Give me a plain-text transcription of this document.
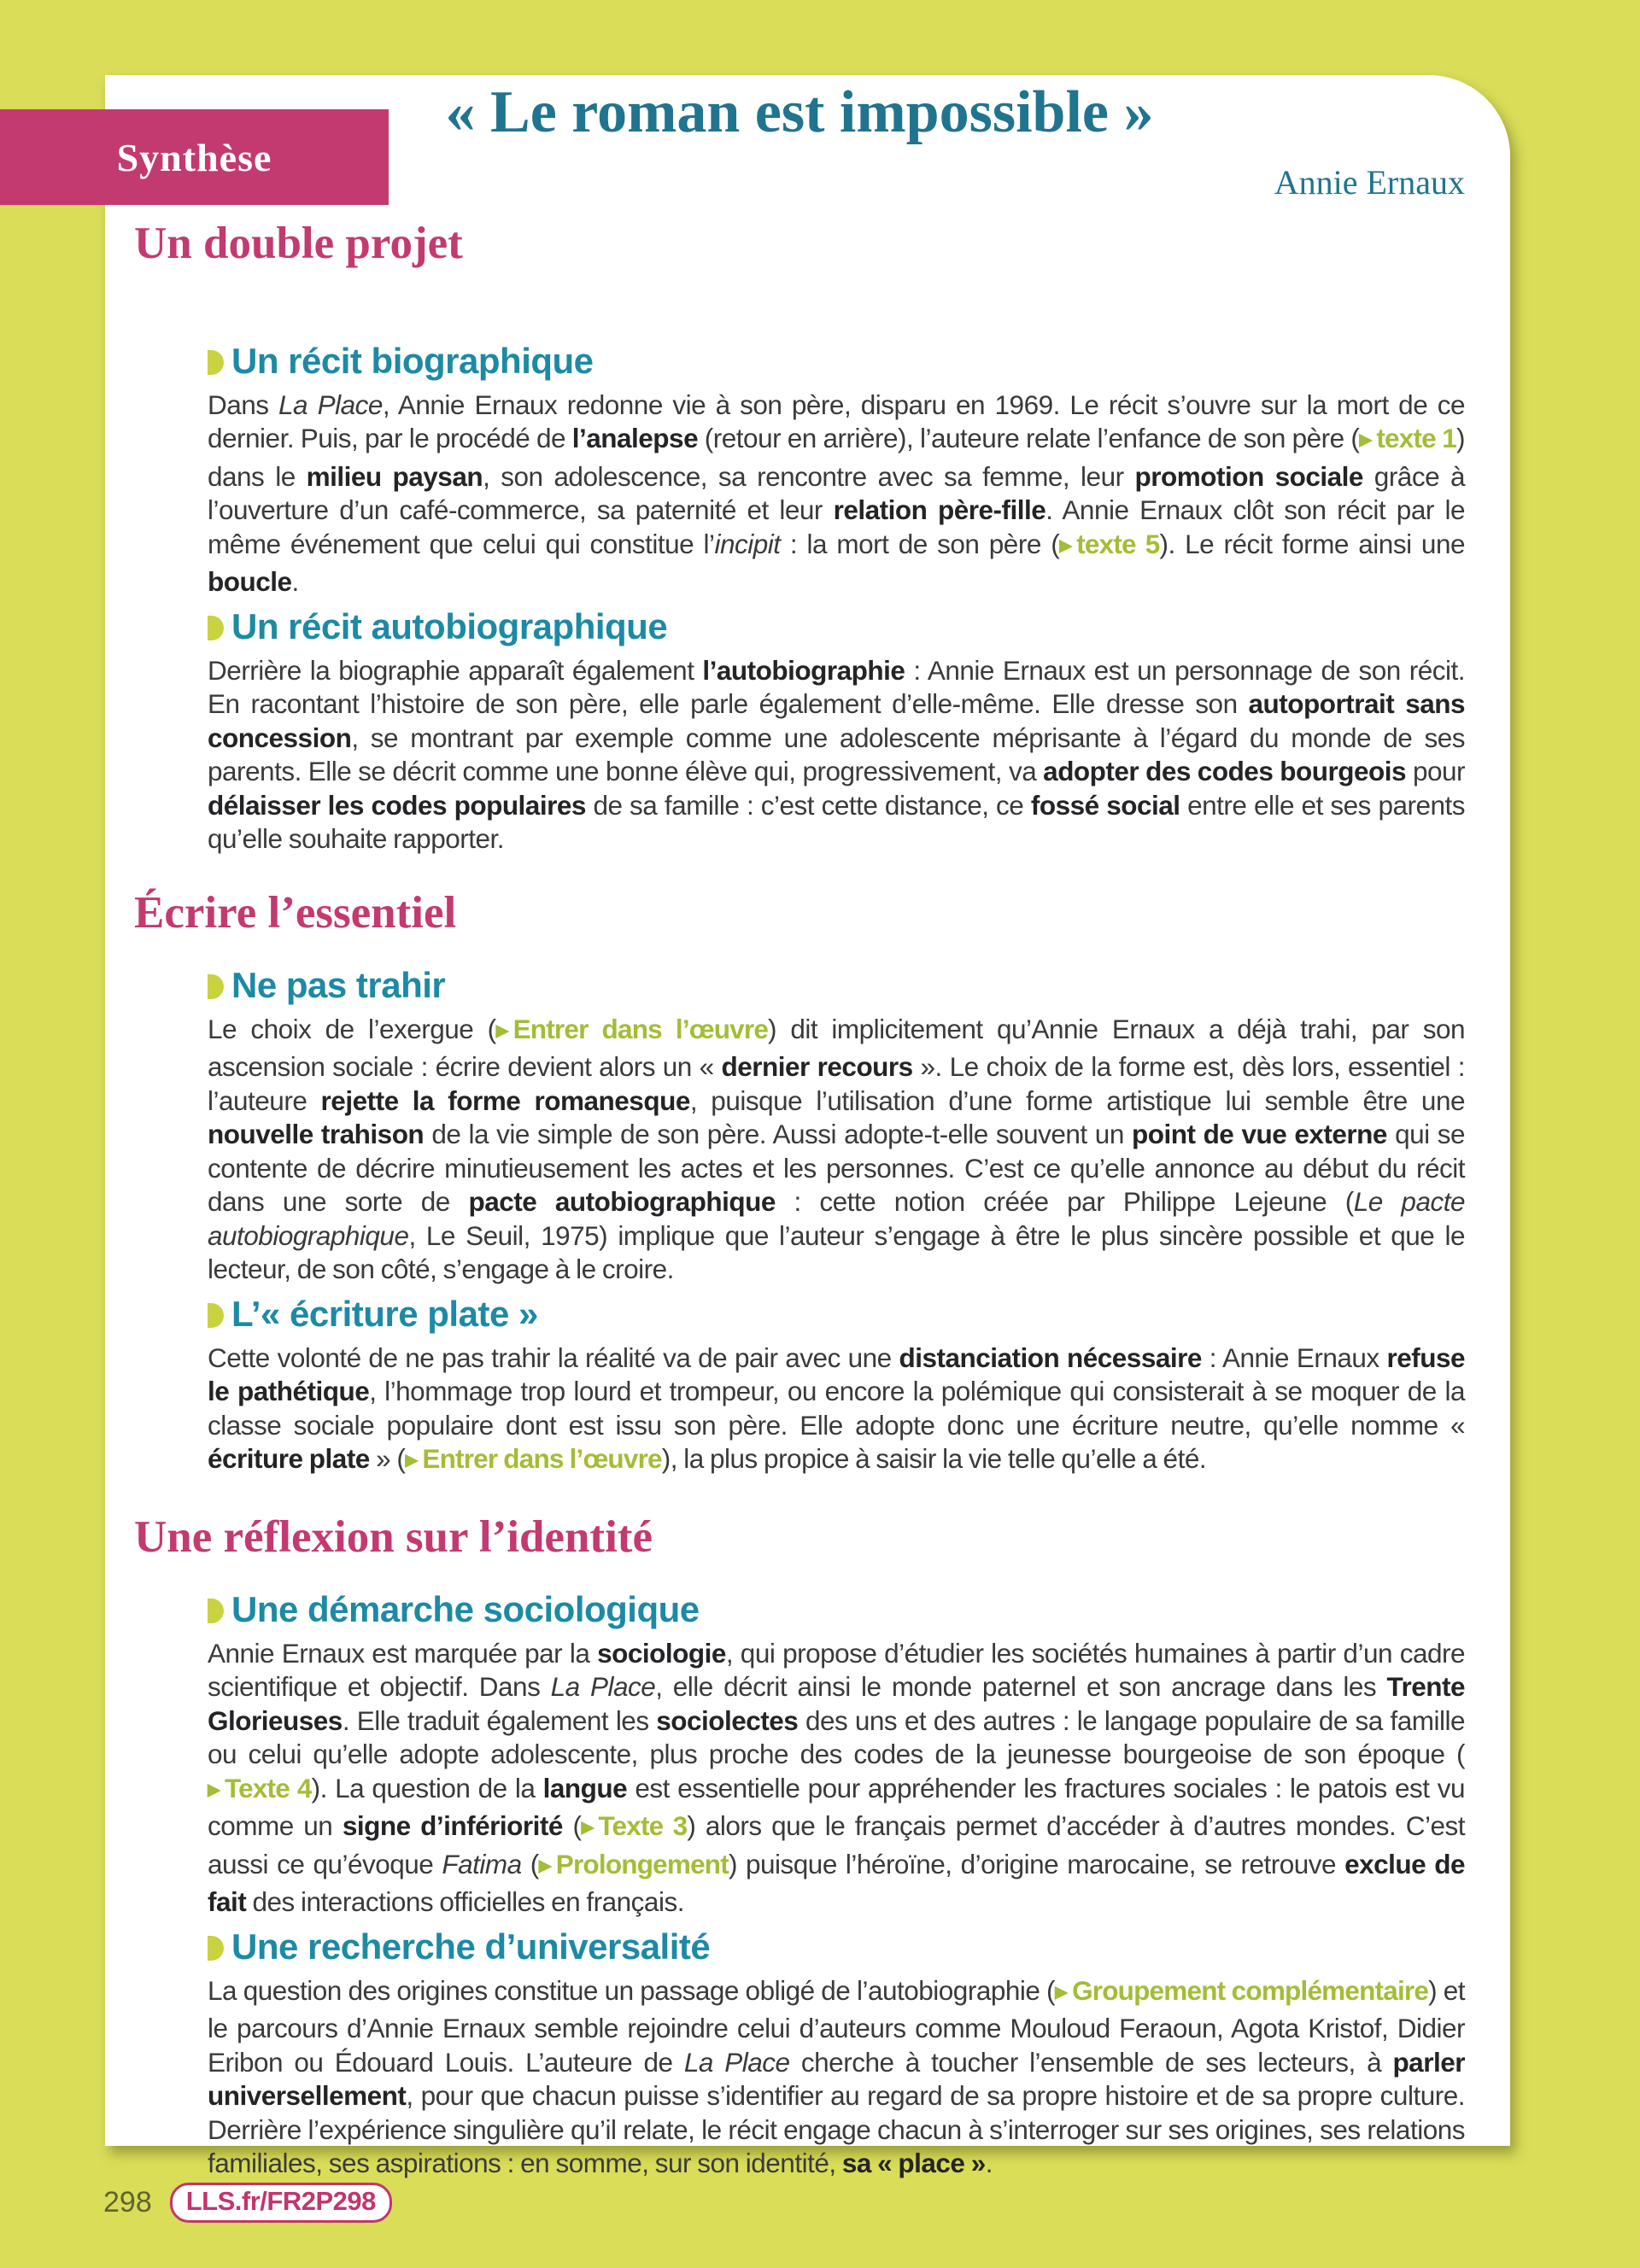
Synthèse
« Le roman est impossible »
Annie Ernaux
Un double projet
Un récit biographique

Dans La Place, Annie Ernaux redonne vie à son père, disparu en 1969. Le récit s’ouvre sur la mort de ce dernier. Puis, par le procédé de l’analepse (retour en arrière), l’auteure relate l’enfance de son père (▶ texte 1) dans le milieu paysan, son adolescence, sa rencontre avec sa femme, leur promotion sociale grâce à l’ouverture d’un café-commerce, sa paternité et leur relation père-fille. Annie Ernaux clôt son récit par le même événement que celui qui constitue l’incipit : la mort de son père (▶ texte 5). Le récit forme ainsi une boucle.

Un récit autobiographique

Derrière la biographie apparaît également l’autobiographie : Annie Ernaux est un personnage de son récit. En racontant l’histoire de son père, elle parle également d’elle-même. Elle dresse son autoportrait sans concession, se montrant par exemple comme une adolescente méprisante à l’égard du monde de ses parents. Elle se décrit comme une bonne élève qui, progressivement, va adopter des codes bourgeois pour délaisser les codes populaires de sa famille : c’est cette distance, ce fossé social entre elle et ses parents qu’elle souhaite rapporter.

Écrire l’essentiel
Ne pas trahir

Le choix de l’exergue (▶ Entrer dans l’œuvre) dit implicitement qu’Annie Ernaux a déjà trahi, par son ascension sociale : écrire devient alors un « dernier recours ». Le choix de la forme est, dès lors, essentiel : l’auteure rejette la forme romanesque, puisque l’utilisation d’une forme artistique lui semble être une nouvelle trahison de la vie simple de son père. Aussi adopte-t-elle souvent un point de vue externe qui se contente de décrire minutieusement les actes et les personnes. C’est ce qu’elle annonce au début du récit dans une sorte de pacte autobiographique : cette notion créée par Philippe Lejeune (Le pacte autobiographique, Le Seuil, 1975) implique que l’auteur s’engage à être le plus sincère possible et que le lecteur, de son côté, s’engage à le croire.

L’« écriture plate »

Cette volonté de ne pas trahir la réalité va de pair avec une distanciation nécessaire : Annie Ernaux refuse le pathétique, l’hommage trop lourd et trompeur, ou encore la polémique qui consisterait à se moquer de la classe sociale populaire dont est issu son père. Elle adopte donc une écriture neutre, qu’elle nomme « écriture plate » (▶ Entrer dans l’œuvre), la plus propice à saisir la vie telle qu’elle a été.

Une réflexion sur l’identité
Une démarche sociologique

Annie Ernaux est marquée par la sociologie, qui propose d’étudier les sociétés humaines à partir d’un cadre scientifique et objectif. Dans La Place, elle décrit ainsi le monde paternel et son ancrage dans les Trente Glorieuses. Elle traduit également les sociolectes des uns et des autres : le langage populaire de sa famille ou celui qu’elle adopte adolescente, plus proche des codes de la jeunesse bourgeoise de son époque (▶ Texte 4). La question de la langue est essentielle pour appréhender les fractures sociales : le patois est vu comme un signe d’infériorité (▶ Texte 3) alors que le français permet d’accéder à d’autres mondes. C’est aussi ce qu’évoque Fatima (▶ Prolongement) puisque l’héroïne, d’origine marocaine, se retrouve exclue de fait des interactions officielles en français.

Une recherche d’universalité

La question des origines constitue un passage obligé de l’autobiographie (▶ Groupement complémentaire) et le parcours d’Annie Ernaux semble rejoindre celui d’auteurs comme Mouloud Feraoun, Agota Kristof, Didier Eribon ou Édouard Louis. L’auteure de La Place cherche à toucher l’ensemble de ses lecteurs, à parler universellement, pour que chacun puisse s’identifier au regard de sa propre histoire et de sa propre culture. Derrière l’expérience singulière qu’il relate, le récit engage chacun à s’interroger sur ses origines, ses relations familiales, ses aspirations : en somme, sur son identité, sa « place ».

298	LLS.fr/FR2P298
